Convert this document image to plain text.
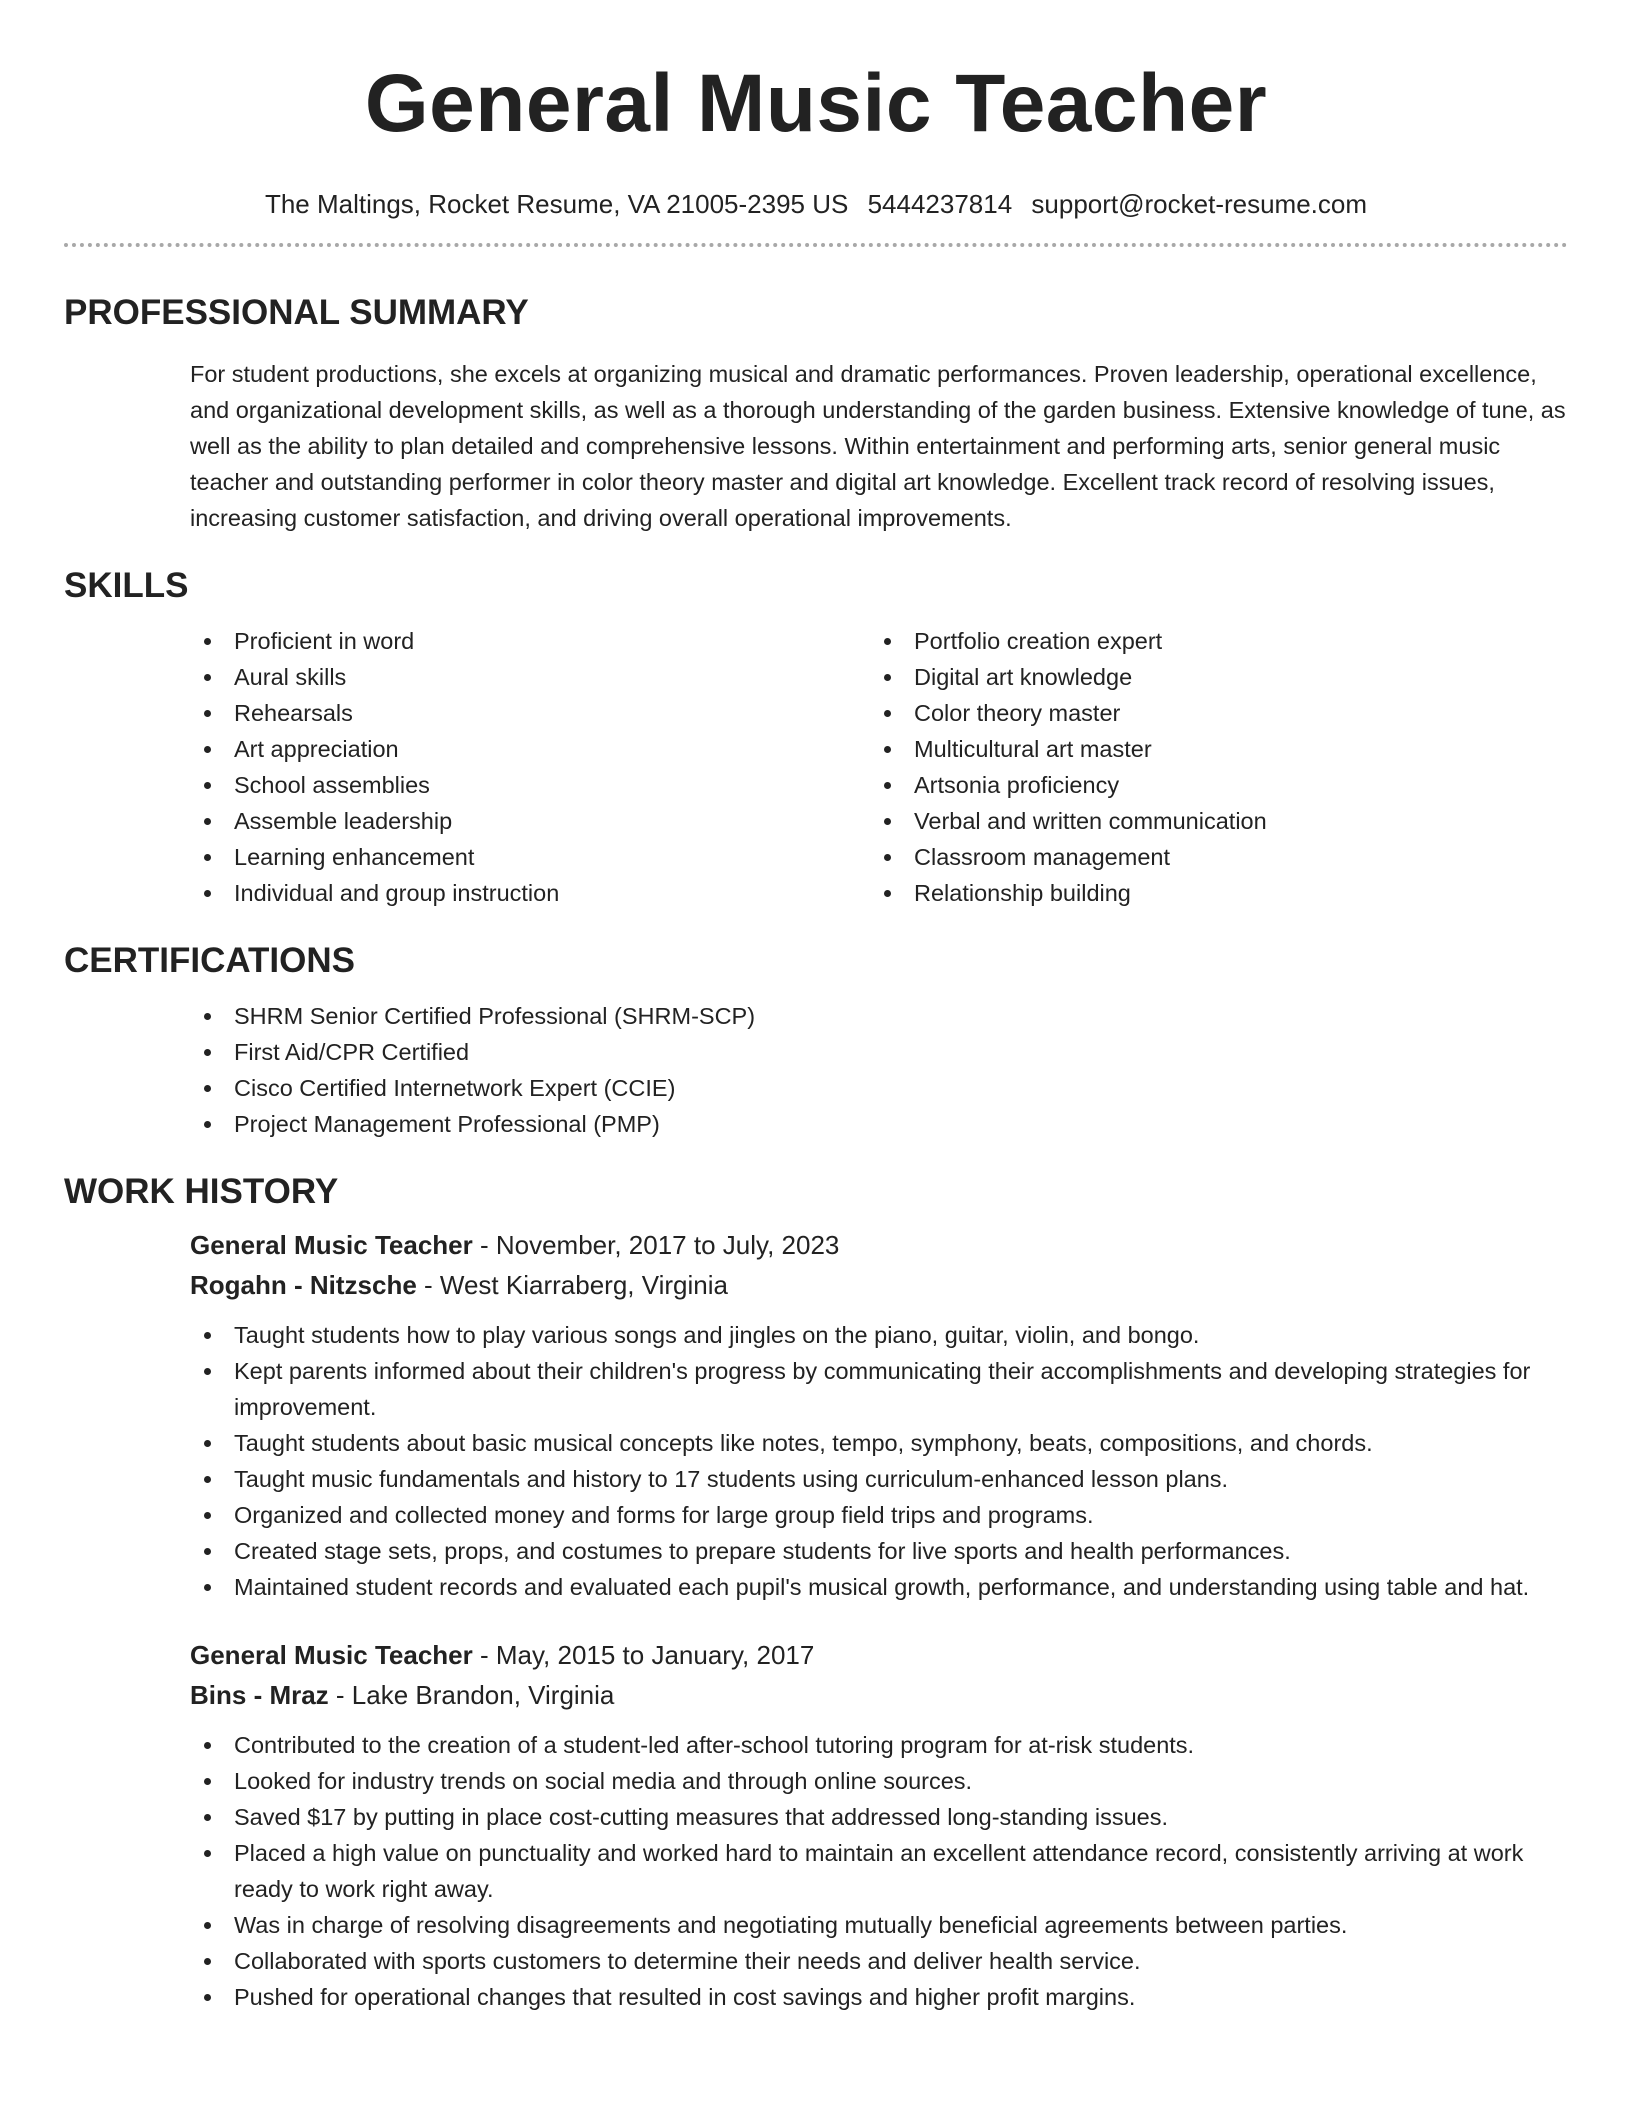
General Music Teacher
The Maltings, Rocket Resume, VA 21005-2395 US 5444237814 support@rocket-resume.com
PROFESSIONAL SUMMARY

For student productions, she excels at organizing musical and dramatic performances. Proven leadership, operational excellence, and organizational development skills, as well as a thorough understanding of the garden business. Extensive knowledge of tune, as well as the ability to plan detailed and comprehensive lessons. Within entertainment and performing arts, senior general music teacher and outstanding performer in color theory master and digital art knowledge. Excellent track record of resolving issues, increasing customer satisfaction, and driving overall operational improvements.

SKILLS
Proficient in word
Aural skills
Rehearsals
Art appreciation
School assemblies
Assemble leadership
Learning enhancement
Individual and group instruction
Portfolio creation expert
Digital art knowledge
Color theory master
Multicultural art master
Artsonia proficiency
Verbal and written communication
Classroom management
Relationship building
CERTIFICATIONS
SHRM Senior Certified Professional (SHRM-SCP)
First Aid/CPR Certified
Cisco Certified Internetwork Expert (CCIE)
Project Management Professional (PMP)
WORK HISTORY
General Music Teacher - November, 2017 to July, 2023
Rogahn - Nitzsche - West Kiarraberg, Virginia
Taught students how to play various songs and jingles on the piano, guitar, violin, and bongo.
Kept parents informed about their children's progress by communicating their accomplishments and developing strategies for improvement.
Taught students about basic musical concepts like notes, tempo, symphony, beats, compositions, and chords.
Taught music fundamentals and history to 17 students using curriculum-enhanced lesson plans.
Organized and collected money and forms for large group field trips and programs.
Created stage sets, props, and costumes to prepare students for live sports and health performances.
Maintained student records and evaluated each pupil's musical growth, performance, and understanding using table and hat.
General Music Teacher - May, 2015 to January, 2017
Bins - Mraz - Lake Brandon, Virginia
Contributed to the creation of a student-led after-school tutoring program for at-risk students.
Looked for industry trends on social media and through online sources.
Saved $17 by putting in place cost-cutting measures that addressed long-standing issues.
Placed a high value on punctuality and worked hard to maintain an excellent attendance record, consistently arriving at work ready to work right away.
Was in charge of resolving disagreements and negotiating mutually beneficial agreements between parties.
Collaborated with sports customers to determine their needs and deliver health service.
Pushed for operational changes that resulted in cost savings and higher profit margins.
